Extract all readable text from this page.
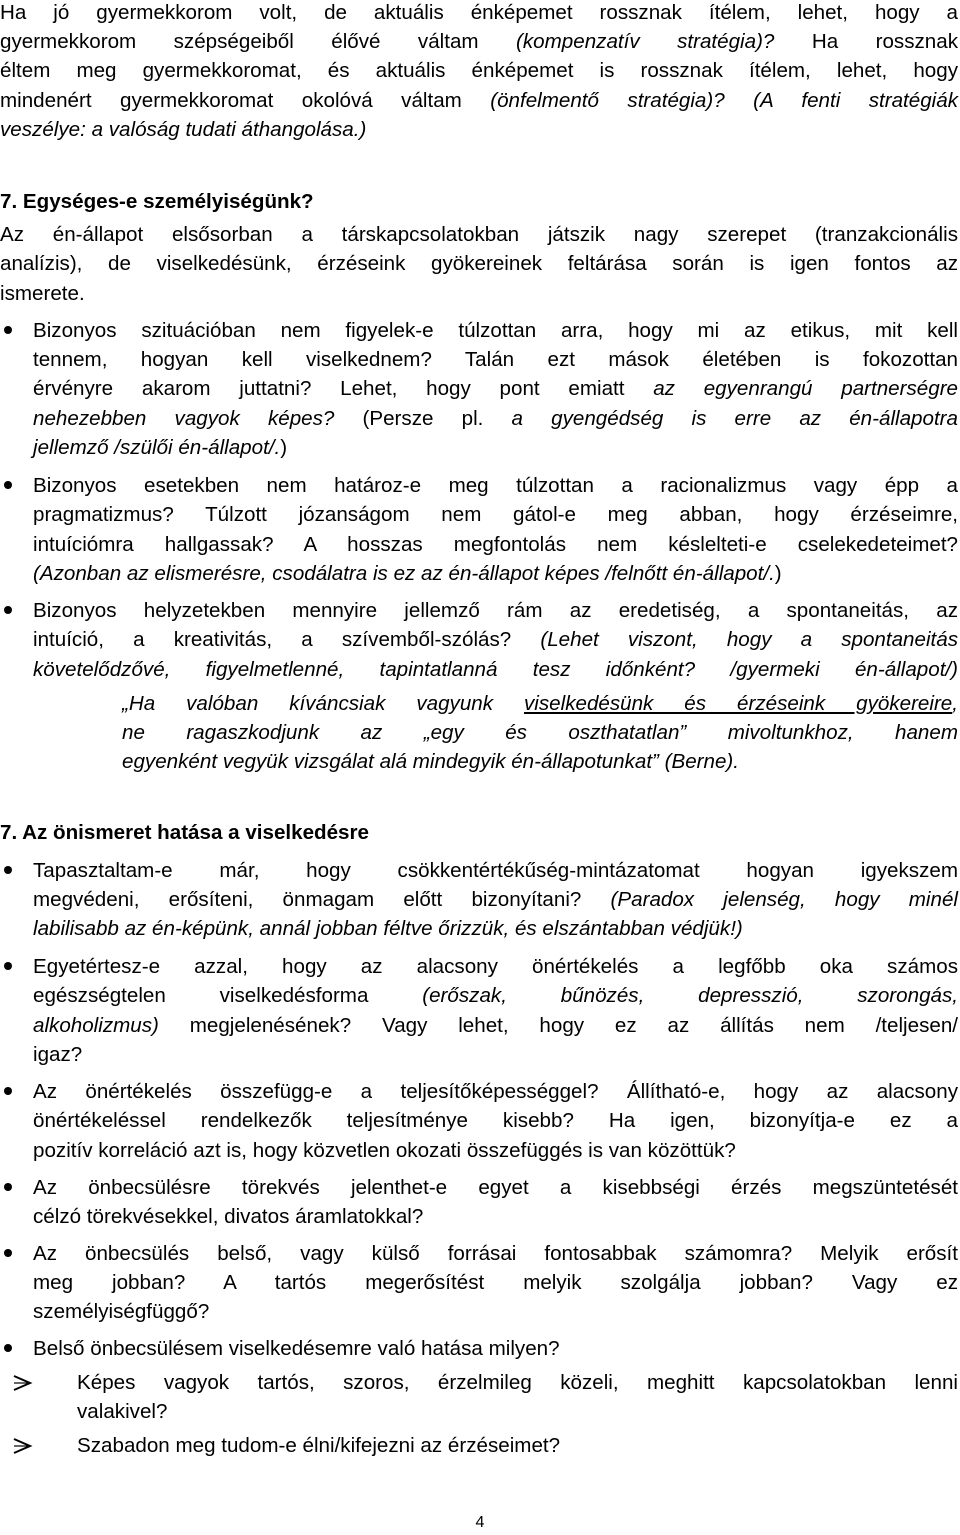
Ha jó gyermekkorom volt, de aktuális énképemet rossznak ítélem, lehet, hogy a
gyermekkorom szépségeiből élővé váltam (kompenzatív stratégia)? Ha rossznak
éltem meg gyermekkoromat, és aktuális énképemet is rossznak ítélem, lehet, hogy
mindenért gyermekkoromat okolóvá váltam (önfelmentő stratégia)? (A fenti stratégiák
veszélye: a valóság tudati áthangolása.)
7. Egységes-e személyiségünk?
Az én-állapot elsősorban a társkapcsolatokban játszik nagy szerepet (tranzakcionális
analízis), de viselkedésünk, érzéseink gyökereinek feltárása során is igen fontos az
ismerete.
Bizonyos szituációban nem figyelek-e túlzottan arra, hogy mi az etikus, mit kell
tennem, hogyan kell viselkednem? Talán ezt mások életében is fokozottan
érvényre akarom juttatni? Lehet, hogy pont emiatt az egyenrangú partnerségre
nehezebben vagyok képes? (Persze pl. a gyengédség is erre az én-állapotra
jellemző /szülői én-állapot/.)
Bizonyos esetekben nem határoz-e meg túlzottan a racionalizmus vagy épp a
pragmatizmus? Túlzott józanságom nem gátol-e meg abban, hogy érzéseimre,
intuíciómra hallgassak? A hosszas megfontolás nem késlelteti-e cselekedeteimet?
(Azonban az elismerésre, csodálatra is ez az én-állapot képes /felnőtt én-állapot/.)
Bizonyos helyzetekben mennyire jellemző rám az eredetiség, a spontaneitás, az
intuíció, a kreativitás, a szívemből-szólás? (Lehet viszont, hogy a spontaneitás
követelődzővé, figyelmetlenné, tapintatlanná tesz időnként? /gyermeki én-állapot/)
„Ha valóban kíváncsiak vagyunk viselkedésünk és érzéseink gyökereire,
ne ragaszkodjunk az „egy és oszthatatlan” mivoltunkhoz, hanem
egyenként vegyük vizsgálat alá mindegyik én-állapotunkat” (Berne).
7. Az önismeret hatása a viselkedésre
Tapasztaltam-e már, hogy csökkentértékűség-mintázatomat hogyan igyekszem
megvédeni, erősíteni, önmagam előtt bizonyítani? (Paradox jelenség, hogy minél
labilisabb az én-képünk, annál jobban féltve őrizzük, és elszántabban védjük!)
Egyetértesz-e azzal, hogy az alacsony önértékelés a legfőbb oka számos
egészségtelen viselkedésforma (erőszak, bűnözés, depresszió, szorongás,
alkoholizmus) megjelenésének? Vagy lehet, hogy ez az állítás nem /teljesen/
igaz?
Az önértékelés összefügg-e a teljesítőképességgel? Állítható-e, hogy az alacsony
önértékeléssel rendelkezők teljesítménye kisebb? Ha igen, bizonyítja-e ez a
pozitív korreláció azt is, hogy közvetlen okozati összefüggés is van közöttük?
Az önbecsülésre törekvés jelenthet-e egyet a kisebbségi érzés megszüntetését
célzó törekvésekkel, divatos áramlatokkal?
Az önbecsülés belső, vagy külső forrásai fontosabbak számomra? Melyik erősít
meg jobban? A tartós megerősítést melyik szolgálja jobban? Vagy ez
személyiségfüggő?
Belső önbecsülésem viselkedésemre való hatása milyen?
Képes vagyok tartós, szoros, érzelmileg közeli, meghitt kapcsolatokban lenni
valakivel?
Szabadon meg tudom-e élni/kifejezni az érzéseimet?
4
